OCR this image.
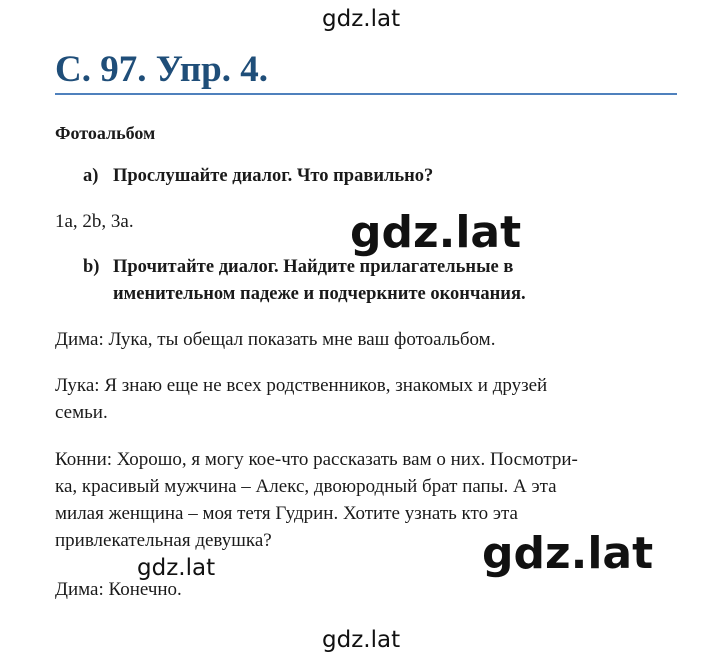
gdz.lat
С. 97. Упр. 4.
Фотоальбом
a) Прослушайте диалог. Что правильно?
1a, 2b, 3a.
b) Прочитайте диалог. Найдите прилагательные в
именительном падеже и подчеркните окончания.
Дима: Лука, ты обещал показать мне ваш фотоальбом.
Лука: Я знаю еще не всех родственников, знакомых и друзей
семьи.
Конни: Хорошо, я могу кое-что рассказать вам о них. Посмотри-
ка, красивый мужчина – Алекс, двоюродный брат папы. А эта
милая женщина – моя тетя Гудрин. Хотите узнать кто эта
привлекательная девушка?
Дима: Конечно.
gdz.lat
gdz.lat
gdz.lat
gdz.lat
